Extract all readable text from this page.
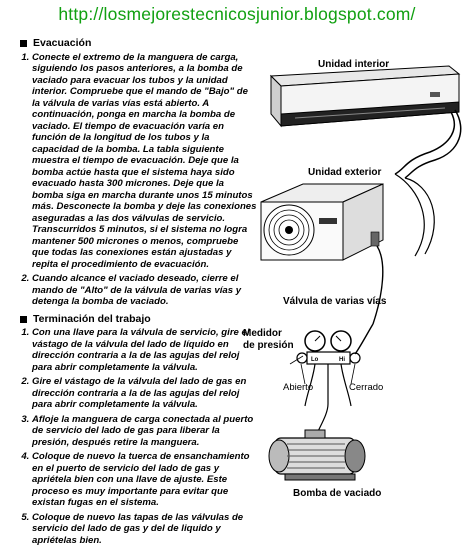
http://losmejorestecnicosjunior.blogspot.com/
Evacuación
1. Conecte el extremo de la manguera de carga, siguiendo los pasos anteriores, a la bomba de vaciado para evacuar los tubos y la unidad interior. Compruebe que el mando de "Bajo" de la válvula de varias vías está abierto. A continuación, ponga en marcha la bomba de vaciado. El tiempo de evacuación varía en función de la longitud de los tubos y la capacidad de la bomba. La tabla siguiente muestra el tiempo de evacuación. Deje que la bomba actúe hasta que el sistema haya sido evacuado hasta 300 micrones. Deje que la bomba siga en marcha durante unos 15 minutos más. Desconecte la bomba y deje las conexiones aseguradas a las dos válvulas de servicio. Transcurridos 5 minutos, si el sistema no logra mantener 500 micrones o menos, compruebe que todas las conexiones están ajustadas y repita el procedimiento de evacuación.
2. Cuando alcance el vaciado deseado, cierre el mando de "Alto" de la válvula de varias vías y detenga la bomba de vaciado.
Terminación del trabajo
1. Con una llave para la válvula de servicio, gire el vástago de la válvula del lado de líquido en dirección contraria a la de las agujas del reloj para abrir completamente la válvula.
2. Gire el vástago de la válvula del lado de gas en dirección contraria a la de las agujas del reloj para abrir completamente la válvula.
3. Afloje la manguera de carga conectada al puerto de servicio del lado de gas para liberar la presión, después retire la manguera.
4. Coloque de nuevo la tuerca de ensanchamiento en el puerto de servicio del lado de gas y apriétela bien con una llave de ajuste. Este proceso es muy importante para evitar que existan fugas en el sistema.
5. Coloque de nuevo las tapas de las válvulas de servicio del lado de gas y del de liquido y apriételas bien.
Lo	Hi
Unidad interior
Unidad exterior
Válvula de varias vías
Medidor
de presión
Abierto	Cerrado
Bomba de vaciado
